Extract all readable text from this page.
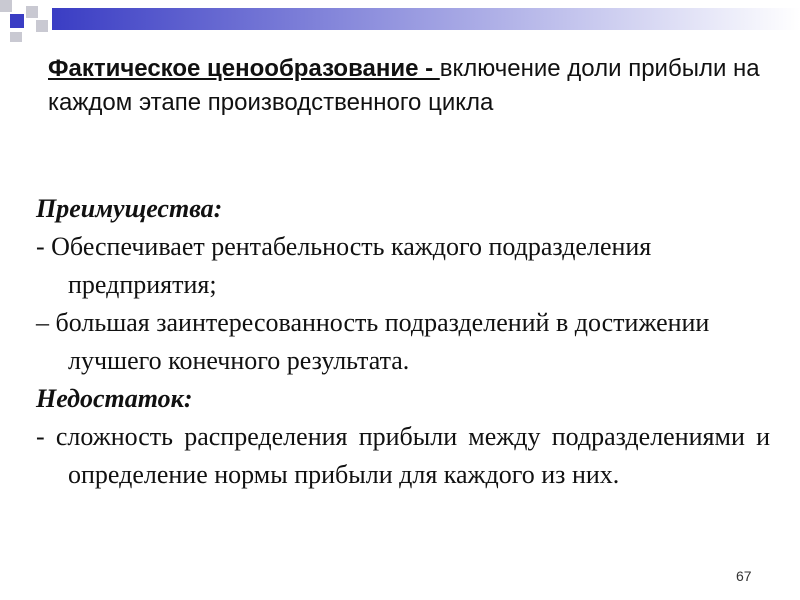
Фактическое ценообразование - включение доли прибыли на каждом этапе производственного цикла

Преимущества:

- Обеспечивает рентабельность каждого подразделения предприятия;

– большая заинтересованность подразделений в достижении лучшего конечного результата.

Недостаток:

- сложность распределения прибыли между подразделениями и определение нормы прибыли для каждого из них.

67
